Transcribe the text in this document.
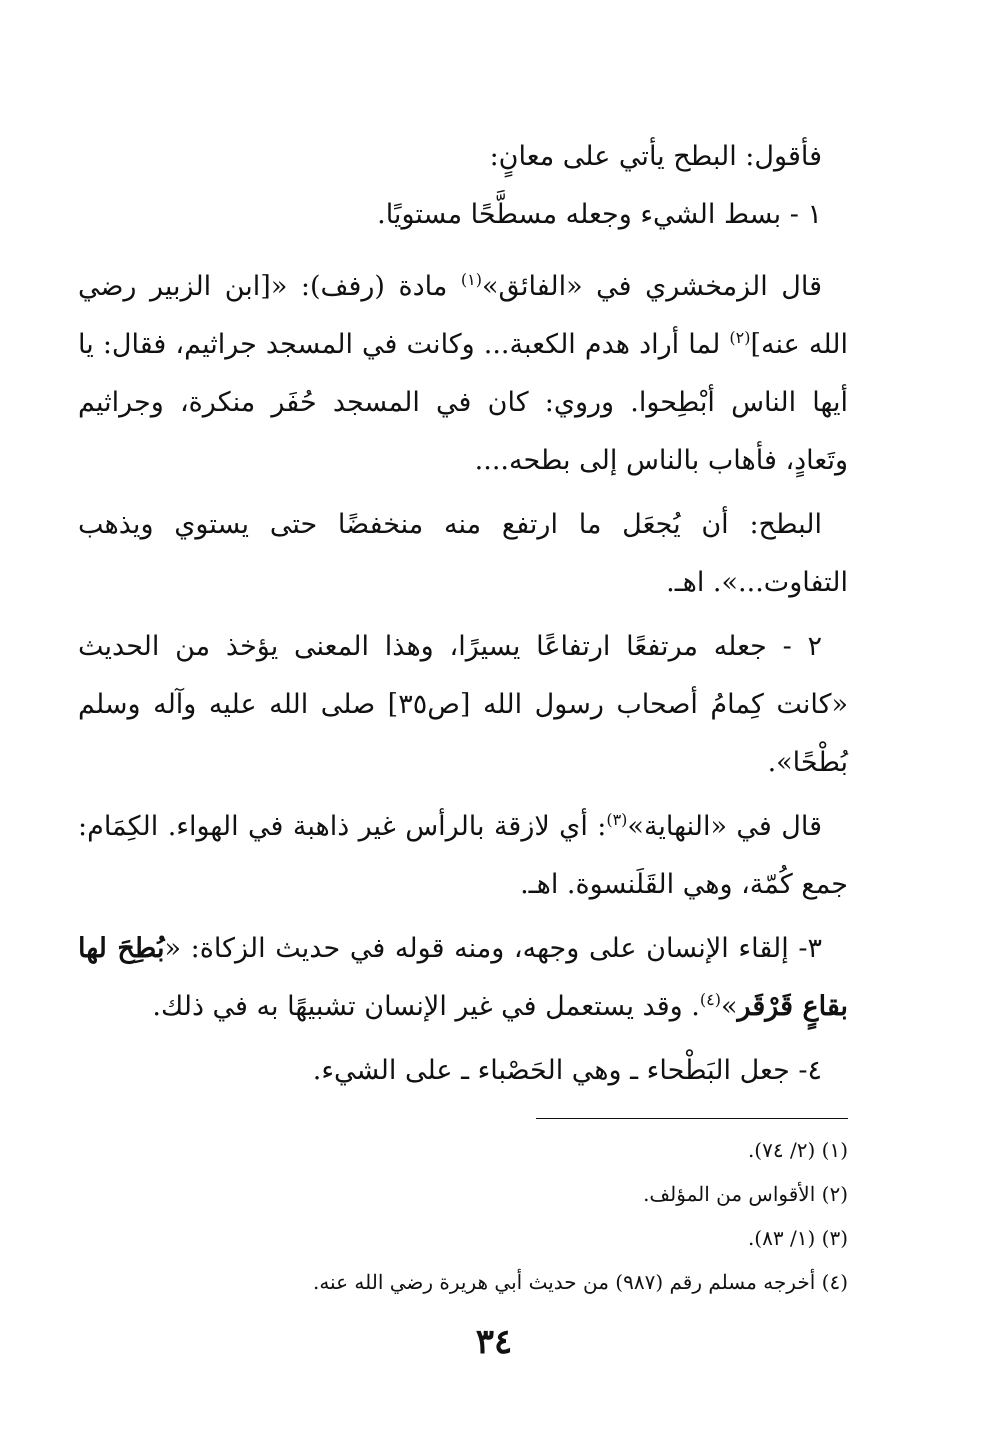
فأقول: البطح يأتي على معانٍ:

١ - بسط الشيء وجعله مسطَّحًا مستويًا.

قال الزمخشري في «الفائق»$^{(١)}$ مادة (رفف): «[ابن الزبير رضي الله عنه]$^{(٢)}$ لما أراد هدم الكعبة... وكانت في المسجد جراثيم، فقال: يا أيها الناس أبْطِحوا. وروي: كان في المسجد حُفَر منكرة، وجراثيم وتَعادٍ، فأهاب بالناس إلى بطحه....

البطح: أن يُجعَل ما ارتفع منه منخفضًا حتى يستوي ويذهب التفاوت...». اهـ.

٢ - جعله مرتفعًا ارتفاعًا يسيرًا، وهذا المعنى يؤخذ من الحديث «كانت كِمامُ أصحاب رسول الله [ص٣٥] صلى الله عليه وآله وسلم بُطْحًا».

قال في «النهاية»$^{(٣)}$: أي لازقة بالرأس غير ذاهبة في الهواء. الكِمَام: جمع كُمّة، وهي القَلَنسوة. اهـ.

٣- إلقاء الإنسان على وجهه، ومنه قوله في حديث الزكاة: «بُطِحَ لها بقاعٍ قَرْقَر»$^{(٤)}$. وقد يستعمل في غير الإنسان تشبيهًا به في ذلك.

٤- جعل البَطْحاء ـ وهي الحَصْباء ـ على الشيء.

(١) (٢/ ٧٤).

(٢) الأقواس من المؤلف.

(٣) (١/ ٨٣).

(٤) أخرجه مسلم رقم (٩٨٧) من حديث أبي هريرة رضي الله عنه.

٣٤
